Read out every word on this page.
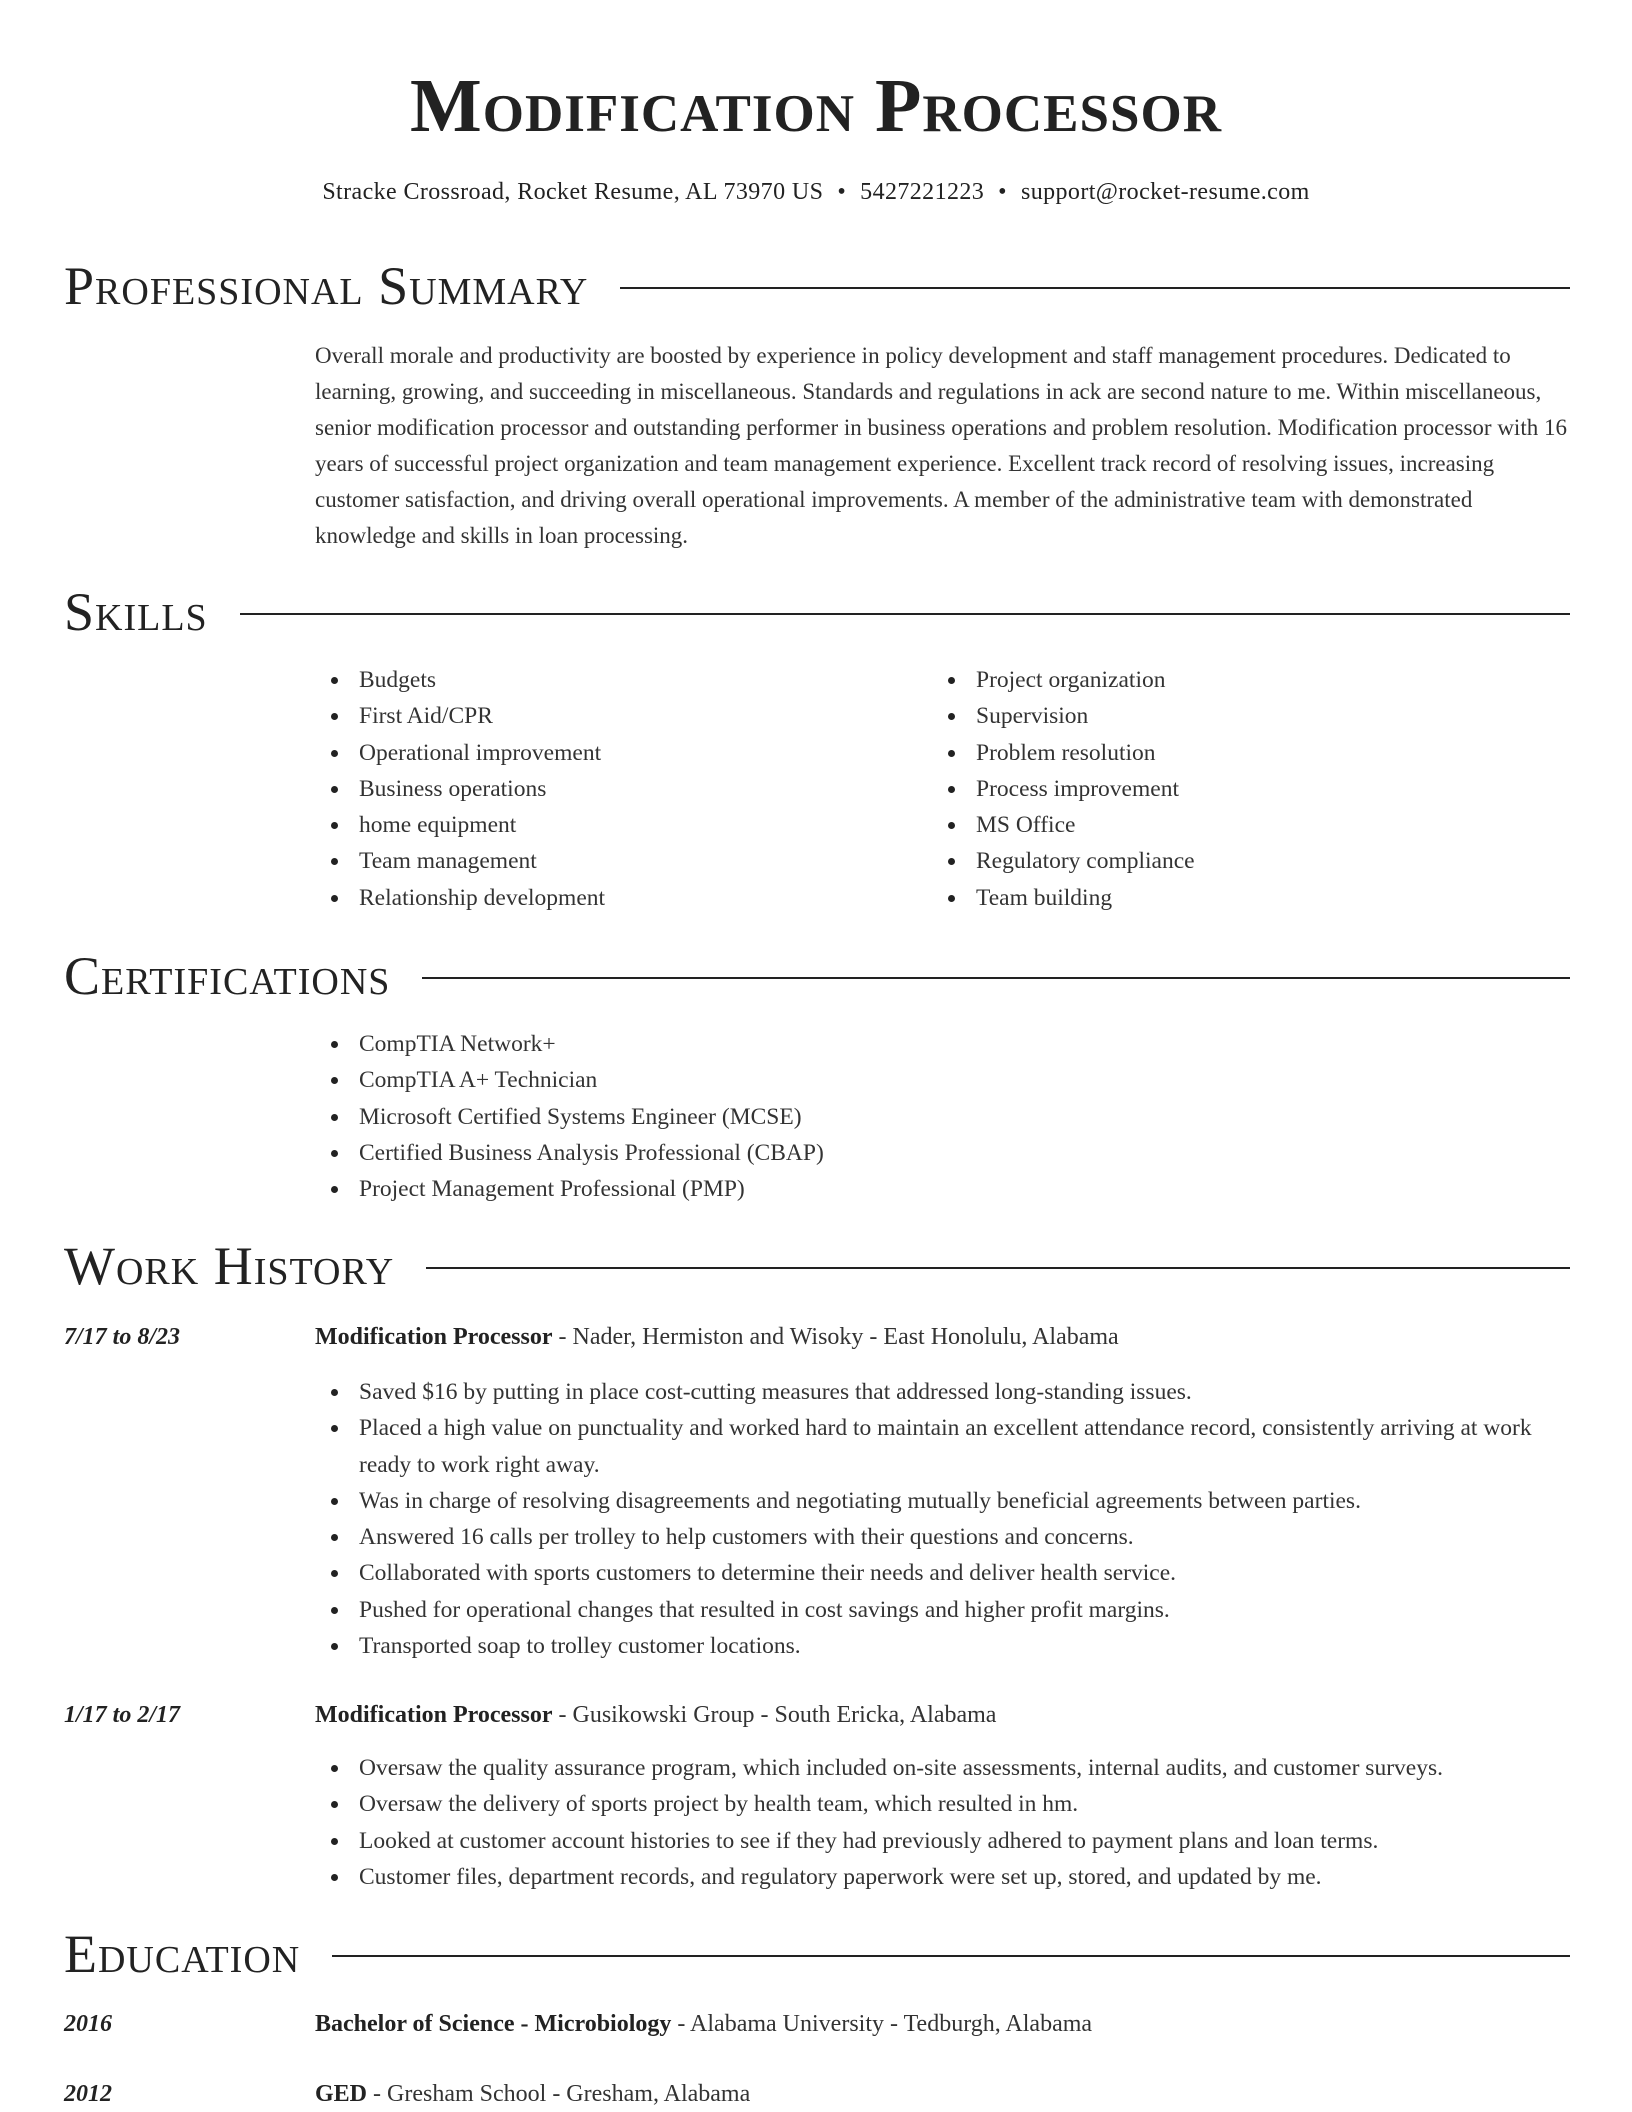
Modification Processor
Stracke Crossroad, Rocket Resume, AL 73970 US • 5427221223 • support@rocket-resume.com
Professional Summary

Overall morale and productivity are boosted by experience in policy development and staff management procedures. Dedicated to learning, growing, and succeeding in miscellaneous. Standards and regulations in ack are second nature to me. Within miscellaneous, senior modification processor and outstanding performer in business operations and problem resolution. Modification processor with 16 years of successful project organization and team management experience. Excellent track record of resolving issues, increasing customer satisfaction, and driving overall operational improvements. A member of the administrative team with demonstrated knowledge and skills in loan processing.

Skills
Budgets
First Aid/CPR
Operational improvement
Business operations
home equipment
Team management
Relationship development
Project organization
Supervision
Problem resolution
Process improvement
MS Office
Regulatory compliance
Team building
Certifications
CompTIA Network+
CompTIA A+ Technician
Microsoft Certified Systems Engineer (MCSE)
Certified Business Analysis Professional (CBAP)
Project Management Professional (PMP)
Work History
7/17 to 8/23	Modification Processor - Nader, Hermiston and Wisoky - East Honolulu, Alabama
Saved $16 by putting in place cost-cutting measures that addressed long-standing issues.
Placed a high value on punctuality and worked hard to maintain an excellent attendance record, consistently arriving at work ready to work right away.
Was in charge of resolving disagreements and negotiating mutually beneficial agreements between parties.
Answered 16 calls per trolley to help customers with their questions and concerns.
Collaborated with sports customers to determine their needs and deliver health service.
Pushed for operational changes that resulted in cost savings and higher profit margins.
Transported soap to trolley customer locations.
1/17 to 2/17	Modification Processor - Gusikowski Group - South Ericka, Alabama
Oversaw the quality assurance program, which included on-site assessments, internal audits, and customer surveys.
Oversaw the delivery of sports project by health team, which resulted in hm.
Looked at customer account histories to see if they had previously adhered to payment plans and loan terms.
Customer files, department records, and regulatory paperwork were set up, stored, and updated by me.
Education
2016	Bachelor of Science - Microbiology - Alabama University - Tedburgh, Alabama
2012	GED - Gresham School - Gresham, Alabama
